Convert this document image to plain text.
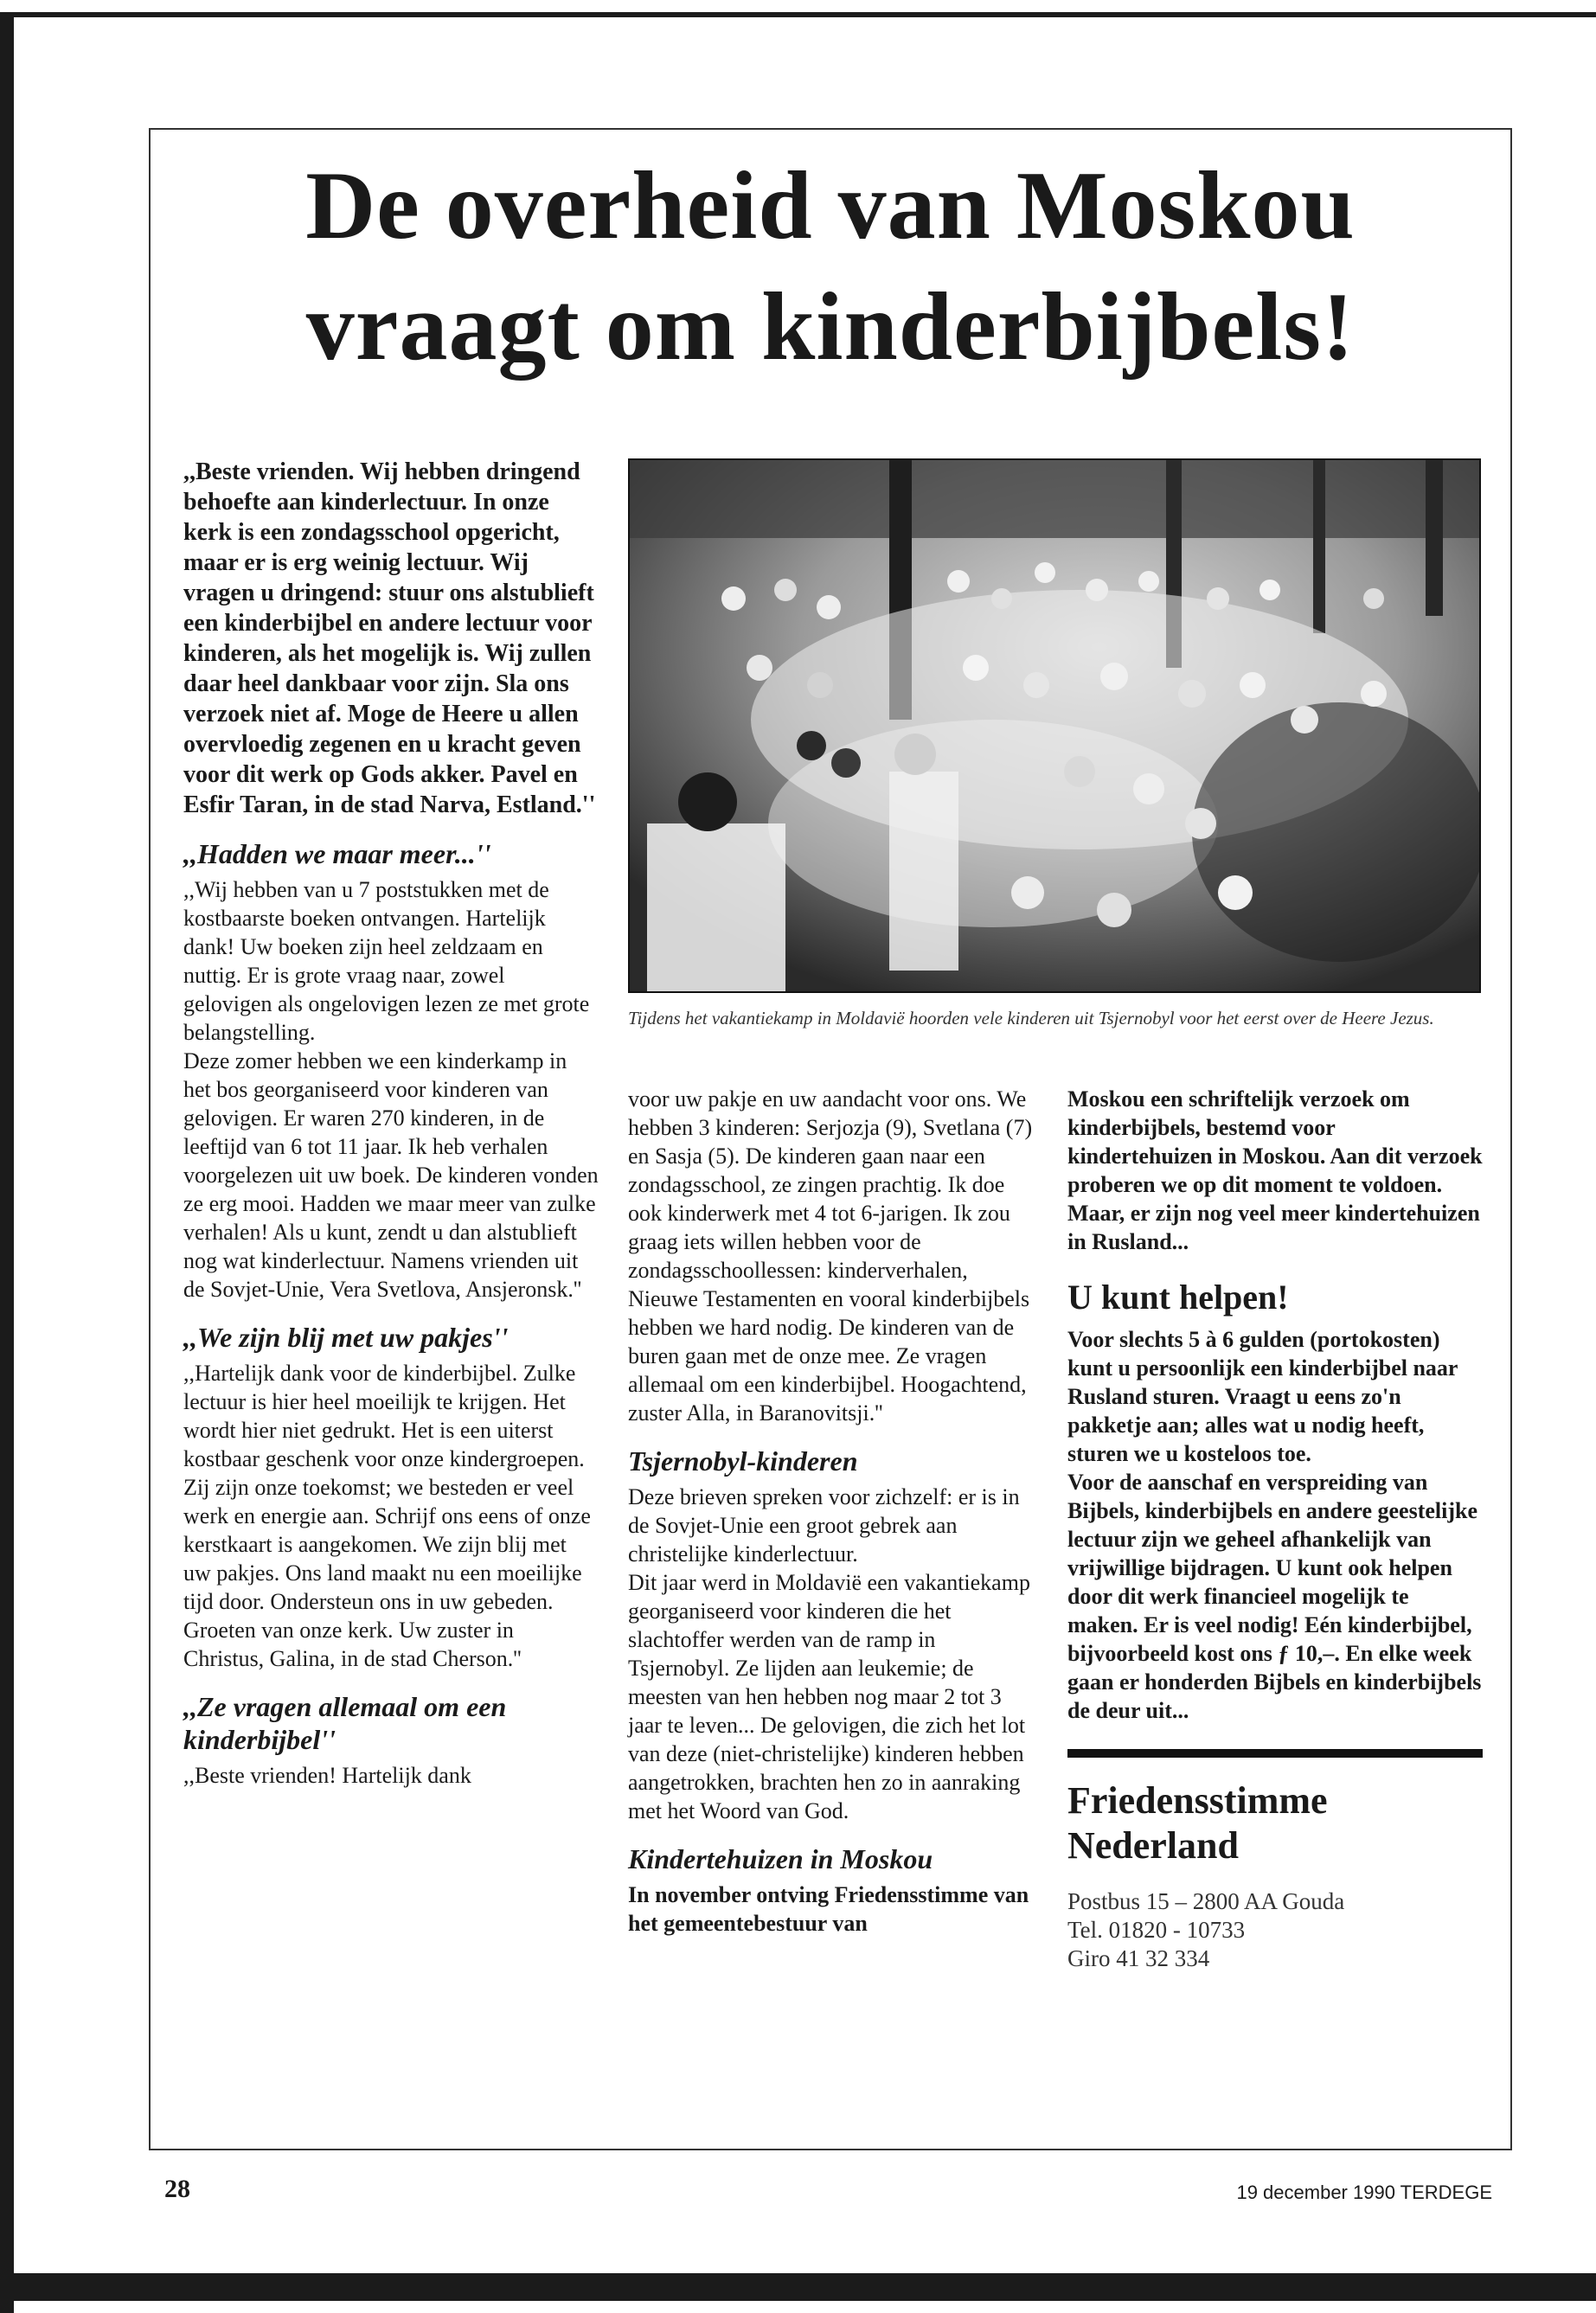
De overheid van Moskou vraagt om kinderbijbels!

,,Beste vrienden. Wij hebben dringend behoefte aan kinderlectuur. In onze kerk is een zondagsschool opgericht, maar er is erg weinig lectuur. Wij vragen u dringend: stuur ons alstublieft een kinderbijbel en andere lectuur voor kinderen, als het mogelijk is. Wij zullen daar heel dankbaar voor zijn. Sla ons verzoek niet af. Moge de Heere u allen overvloedig zegenen en u kracht geven voor dit werk op Gods akker. Pavel en Esfir Taran, in de stad Narva, Estland.''

,,Hadden we maar meer...''

,,Wij hebben van u 7 poststukken met de kostbaarste boeken ontvangen. Hartelijk dank! Uw boeken zijn heel zeldzaam en nuttig. Er is grote vraag naar, zowel gelovigen als ongelovigen lezen ze met grote belangstelling.

Deze zomer hebben we een kinderkamp in het bos georganiseerd voor kinderen van gelovigen. Er waren 270 kinderen, in de leeftijd van 6 tot 11 jaar. Ik heb verhalen voorgelezen uit uw boek. De kinderen vonden ze erg mooi. Hadden we maar meer van zulke verhalen! Als u kunt, zendt u dan alstublieft nog wat kinderlectuur. Namens vrienden uit de Sovjet-Unie, Vera Svetlova, Ansjeronsk.''

,,We zijn blij met uw pakjes''

,,Hartelijk dank voor de kinderbijbel. Zulke lectuur is hier heel moeilijk te krijgen. Het wordt hier niet gedrukt. Het is een uiterst kostbaar geschenk voor onze kindergroepen. Zij zijn onze toekomst; we besteden er veel werk en energie aan. Schrijf ons eens of onze kerstkaart is aangekomen. We zijn blij met uw pakjes. Ons land maakt nu een moeilijke tijd door. Ondersteun ons in uw gebeden. Groeten van onze kerk. Uw zuster in Christus, Galina, in de stad Cherson.''

,,Ze vragen allemaal om een kinderbijbel''

,,Beste vrienden! Hartelijk dank

Tijdens het vakantiekamp in Moldavië hoorden vele kinderen uit Tsjernobyl voor het eerst over de Heere Jezus.

voor uw pakje en uw aandacht voor ons. We hebben 3 kinderen: Serjozja (9), Svetlana (7) en Sasja (5). De kinderen gaan naar een zondagsschool, ze zingen prachtig. Ik doe ook kinderwerk met 4 tot 6-jarigen. Ik zou graag iets willen hebben voor de zondagsschoollessen: kinderverhalen, Nieuwe Testamenten en vooral kinderbijbels hebben we hard nodig. De kinderen van de buren gaan met de onze mee. Ze vragen allemaal om een kinderbijbel. Hoogachtend, zuster Alla, in Baranovitsji.''

Tsjernobyl-kinderen

Deze brieven spreken voor zichzelf: er is in de Sovjet-Unie een groot gebrek aan christelijke kinderlectuur.

Dit jaar werd in Moldavië een vakantiekamp georganiseerd voor kinderen die het slachtoffer werden van de ramp in Tsjernobyl. Ze lijden aan leukemie; de meesten van hen hebben nog maar 2 tot 3 jaar te leven... De gelovigen, die zich het lot van deze (niet-christelijke) kinderen hebben aangetrokken, brachten hen zo in aanraking met het Woord van God.

Kindertehuizen in Moskou

In november ontving Friedensstimme van het gemeentebestuur van

Moskou een schriftelijk verzoek om kinderbijbels, bestemd voor kindertehuizen in Moskou. Aan dit verzoek proberen we op dit moment te voldoen. Maar, er zijn nog veel meer kindertehuizen in Rusland...

U kunt helpen!

Voor slechts 5 à 6 gulden (portokosten) kunt u persoonlijk een kinderbijbel naar Rusland sturen. Vraagt u eens zo'n pakketje aan; alles wat u nodig heeft, sturen we u kosteloos toe.

Voor de aanschaf en verspreiding van Bijbels, kinderbijbels en andere geestelijke lectuur zijn we geheel afhankelijk van vrijwillige bijdragen. U kunt ook helpen door dit werk financieel mogelijk te maken. Er is veel nodig! Eén kinderbijbel, bijvoorbeeld kost ons ƒ 10,–. En elke week gaan er honderden Bijbels en kinderbijbels de deur uit...

Friedensstimme

Nederland

Postbus 15 – 2800 AA Gouda
Tel. 01820 - 10733
Giro 41 32 334

28	19 december 1990 TERDEGE
